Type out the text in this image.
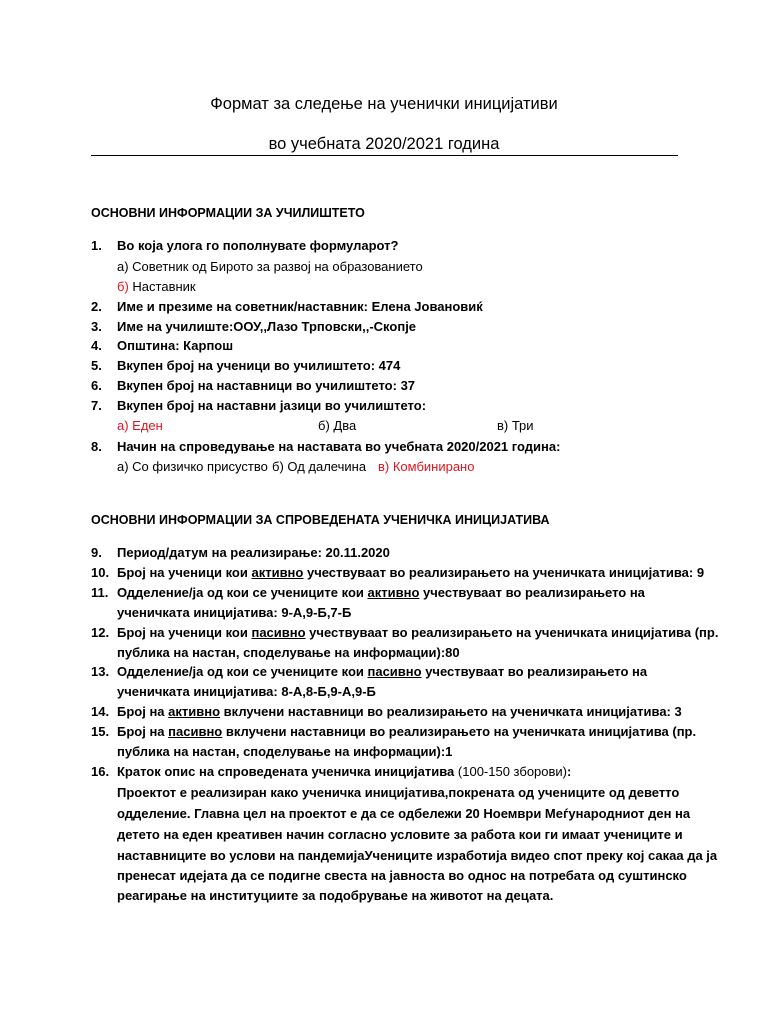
Формат за следење на ученички иницијативи
во учебната 2020/2021 година
ОСНОВНИ ИНФОРМАЦИИ ЗА УЧИЛИШТЕТО
1. Во која улога го пополнувате формуларот?
а) Советник од Бирото за развој на образованието
б) Наставник
2. Име и презиме на советник/наставник: Елена Јовановиќ
3. Име на училиште:ООУ,,Лазо Трповски,,-Скопје
4. Општина: Карпош
5. Вкупен број на ученици во училиштето: 474
6. Вкупен број на наставници во училиштето: 37
7. Вкупен број на наставни јазици во училиштето:
а) Еден	б) Два	в) Три
8. Начин на спроведување на наставата во учебната 2020/2021 година:
а) Со физичко присуство б) Од далечина в) Комбинирано
ОСНОВНИ ИНФОРМАЦИИ ЗА СПРОВЕДЕНАТА УЧЕНИЧКА ИНИЦИЈАТИВА
9. Период/датум на реализирање: 20.11.2020
10. Број на ученици кои активно учествуваат во реализирањето на ученичката иницијатива: 9
11. Одделение/ја од кои се учениците кои активно учествуваат во реализирањето на
ученичката иницијатива: 9-А,9-Б,7-Б
12. Број на ученици кои пасивно учествуваат во реализирањето на ученичката иницијатива (пр.
публика на настан, споделување на информации):80
13. Одделение/ја од кои се учениците кои пасивно учествуваат во реализирањето на
ученичката иницијатива: 8-А,8-Б,9-А,9-Б
14. Број на активно вклучени наставници во реализирањето на ученичката иницијатива: 3
15. Број на пасивно вклучени наставници во реализирањето на ученичката иницијатива (пр.
публика на настан, споделување на информации):1
16. Краток опис на спроведената ученичка иницијатива (100-150 зборови):
Проектот е реализиран како ученичка иницијатива,покрената од учениците од деветто
одделение. Главна цел на проектот е да се одбележи 20 Ноември Меѓународниот ден на
детето на еден креативен начин согласно условите за работа кои ги имаат учениците и
наставниците во услови на пандемијаУчениците изработија видео спот преку кој сакаа да ја
пренесат идејата да се подигне свеста на јавноста во однос на потребата од суштинско
реагирање на институциите за подобрување на животот на децата.
